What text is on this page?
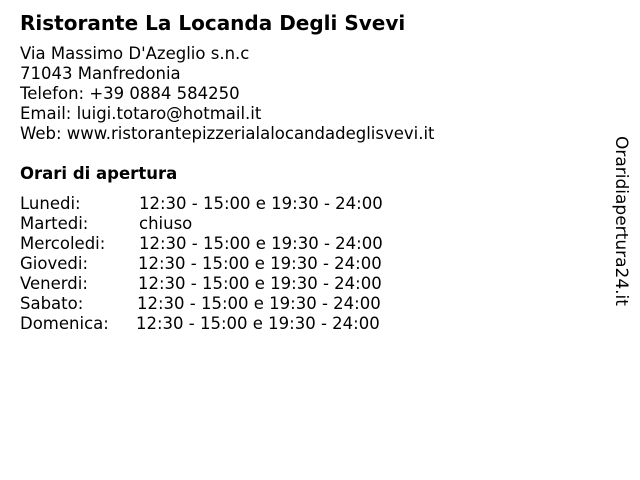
Ristorante La Locanda Degli Svevi
Via Massimo D'Azeglio s.n.c
71043 Manfredonia
Telefon: +39 0884 584250
Email: luigi.totaro@hotmail.it
Web: www.ristorantepizzerialalocandadeglisvevi.it
Orari di apertura
Lunedi:	12:30 - 15:00 e 19:30 - 24:00
Martedi:	chiuso
Mercoledi: 12:30 - 15:00 e 19:30 - 24:00
Giovedi:	12:30 - 15:00 e 19:30 - 24:00
Venerdi:	12:30 - 15:00 e 19:30 - 24:00
Sabato:	12:30 - 15:00 e 19:30 - 24:00
Domenica: 12:30 - 15:00 e 19:30 - 24:00
Oraridiapertura24.it
